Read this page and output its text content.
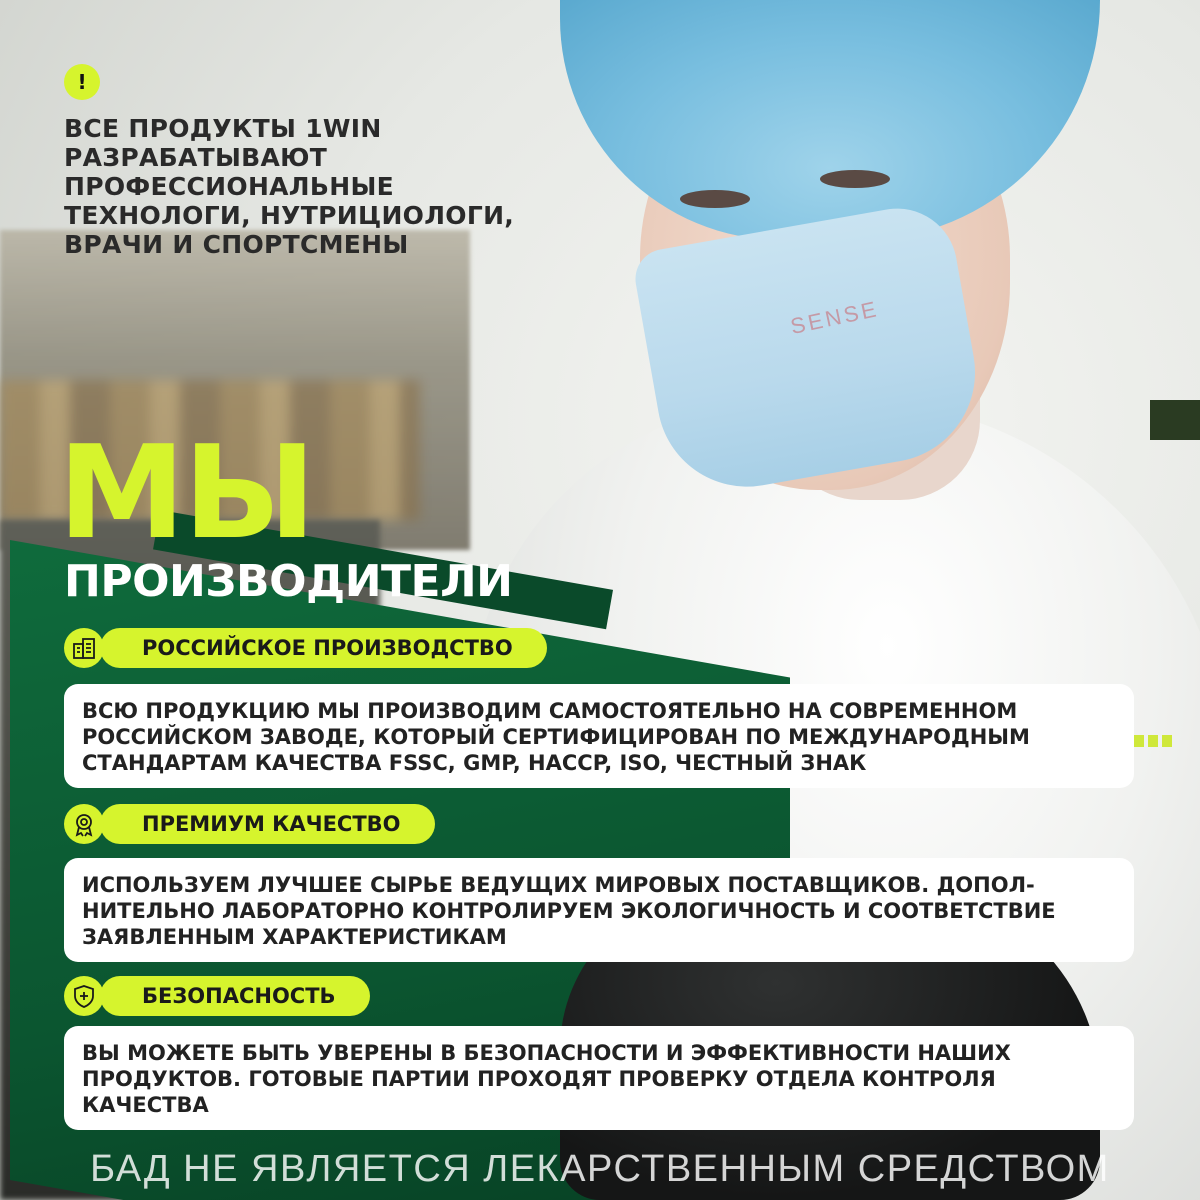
SENSE
!

ВСЕ ПРОДУКТЫ 1WIN РАЗРАБАТЫВАЮТ ПРОФЕССИОНАЛЬНЫЕ ТЕХНОЛОГИ, НУТРИЦИОЛОГИ, ВРАЧИ И СПОРТСМЕНЫ

МЫ
ПРОИЗВОДИТЕЛИ
РОССИЙСКОЕ ПРОИЗВОДСТВО
ВСЮ ПРОДУКЦИЮ МЫ ПРОИЗВОДИМ САМОСТОЯТЕЛЬНО НА СОВРЕМЕННОМ РОССИЙСКОМ ЗАВОДЕ, КОТОРЫЙ СЕРТИФИЦИРОВАН ПО МЕЖДУНАРОДНЫМ СТАНДАРТАМ КАЧЕСТВА FSSC, GMP, HACCP, ISO, ЧЕСТНЫЙ ЗНАК
ПРЕМИУМ КАЧЕСТВО
ИСПОЛЬЗУЕМ ЛУЧШЕЕ СЫРЬЕ ВЕДУЩИХ МИРОВЫХ ПОСТАВЩИКОВ. ДОПОЛ- НИТЕЛЬНО ЛАБОРАТОРНО КОНТРОЛИРУЕМ ЭКОЛОГИЧНОСТЬ И СООТВЕТСТВИЕ ЗАЯВЛЕННЫМ ХАРАКТЕРИСТИКАМ
БЕЗОПАСНОСТЬ
ВЫ МОЖЕТЕ БЫТЬ УВЕРЕНЫ В БЕЗОПАСНОСТИ И ЭФФЕКТИВНОСТИ НАШИХ ПРОДУКТОВ. ГОТОВЫЕ ПАРТИИ ПРОХОДЯТ ПРОВЕРКУ ОТДЕЛА КОНТРОЛЯ КАЧЕСТВА
БАД НЕ ЯВЛЯЕТСЯ ЛЕКАРСТВЕННЫМ СРЕДСТВОМ
